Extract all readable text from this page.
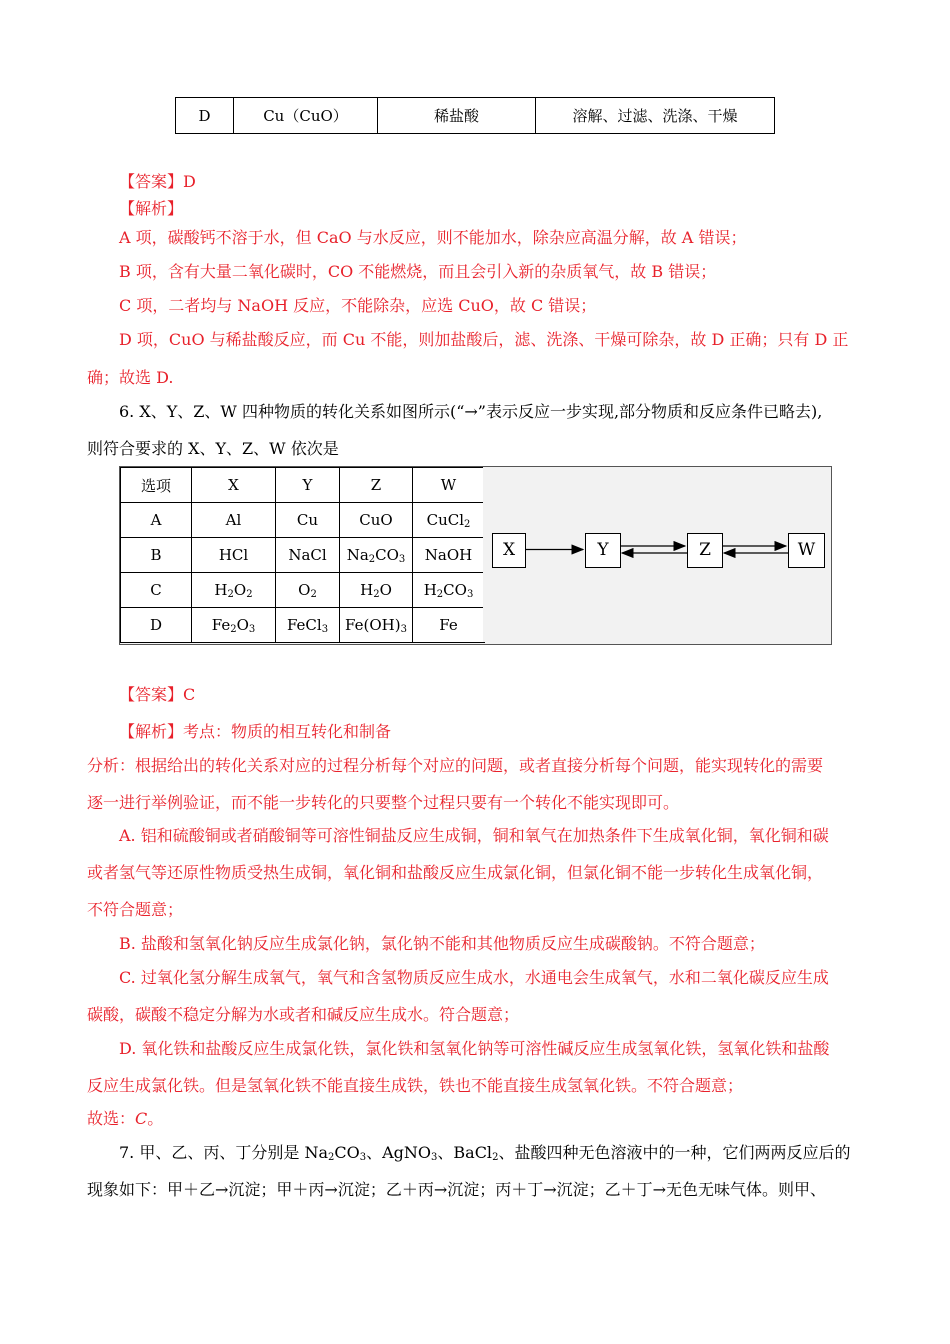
D	Cu（CuO）	稀盐酸	溶解、过滤、洗涤、干燥
【答案】D
【解析】
A 项，碳酸钙不溶于水，但 CaO 与水反应，则不能加水，除杂应高温分解，故 A 错误；
B 项，含有大量二氧化碳时，CO 不能燃烧，而且会引入新的杂质氧气，故 B 错误；
C 项，二者均与 NaOH 反应，不能除杂，应选 CuO，故 C 错误；
D 项，CuO 与稀盐酸反应，而 Cu 不能，则加盐酸后，滤、洗涤、干燥可除杂，故 D 正确；只有 D 正
确；故选 D.
6. X、Y、Z、W 四种物质的转化关系如图所示(“→”表示反应一步实现,部分物质和反应条件已略去),
则符合要求的 X、Y、Z、W 依次是
选项	X	Y	Z	W
A	Al	Cu	CuO	CuCl$_2$
B	HCl	NaCl	$Na_2CO_3$	NaOH
C	$H_2O_2$	$O_2$	$H_2O$	$H_2CO_3$
D	$Fe_2O_3$	FeCl$_3$	$Fe(OH)_3$	Fe
X	Y	Z	W
【答案】C
【解析】考点：物质的相互转化和制备
分析：根据给出的转化关系对应的过程分析每个对应的问题，或者直接分析每个问题，能实现转化的需要
逐一进行举例验证，而不能一步转化的只要整个过程只要有一个转化不能实现即可。
A. 铝和硫酸铜或者硝酸铜等可溶性铜盐反应生成铜，铜和氧气在加热条件下生成氧化铜，氧化铜和碳
或者氢气等还原性物质受热生成铜，氧化铜和盐酸反应生成氯化铜，但氯化铜不能一步转化生成氧化铜，
不符合题意；
B. 盐酸和氢氧化钠反应生成氯化钠，氯化钠不能和其他物质反应生成碳酸钠。不符合题意；
C. 过氧化氢分解生成氧气，氧气和含氢物质反应生成水，水通电会生成氧气，水和二氧化碳反应生成
碳酸，碳酸不稳定分解为水或者和碱反应生成水。符合题意；
D. 氧化铁和盐酸反应生成氯化铁，氯化铁和氢氧化钠等可溶性碱反应生成氢氧化铁，氢氧化铁和盐酸
反应生成氯化铁。但是氢氧化铁不能直接生成铁，铁也不能直接生成氢氧化铁。不符合题意；
故选：C。
7. 甲、乙、丙、丁分别是 $Na_2CO_3$、AgNO$_3$、BaCl$_2$、盐酸四种无色溶液中的一种，它们两两反应后的
现象如下：甲＋乙→沉淀；甲＋丙→沉淀；乙＋丙→沉淀；丙＋丁→沉淀；乙＋丁→无色无味气体。则甲、
